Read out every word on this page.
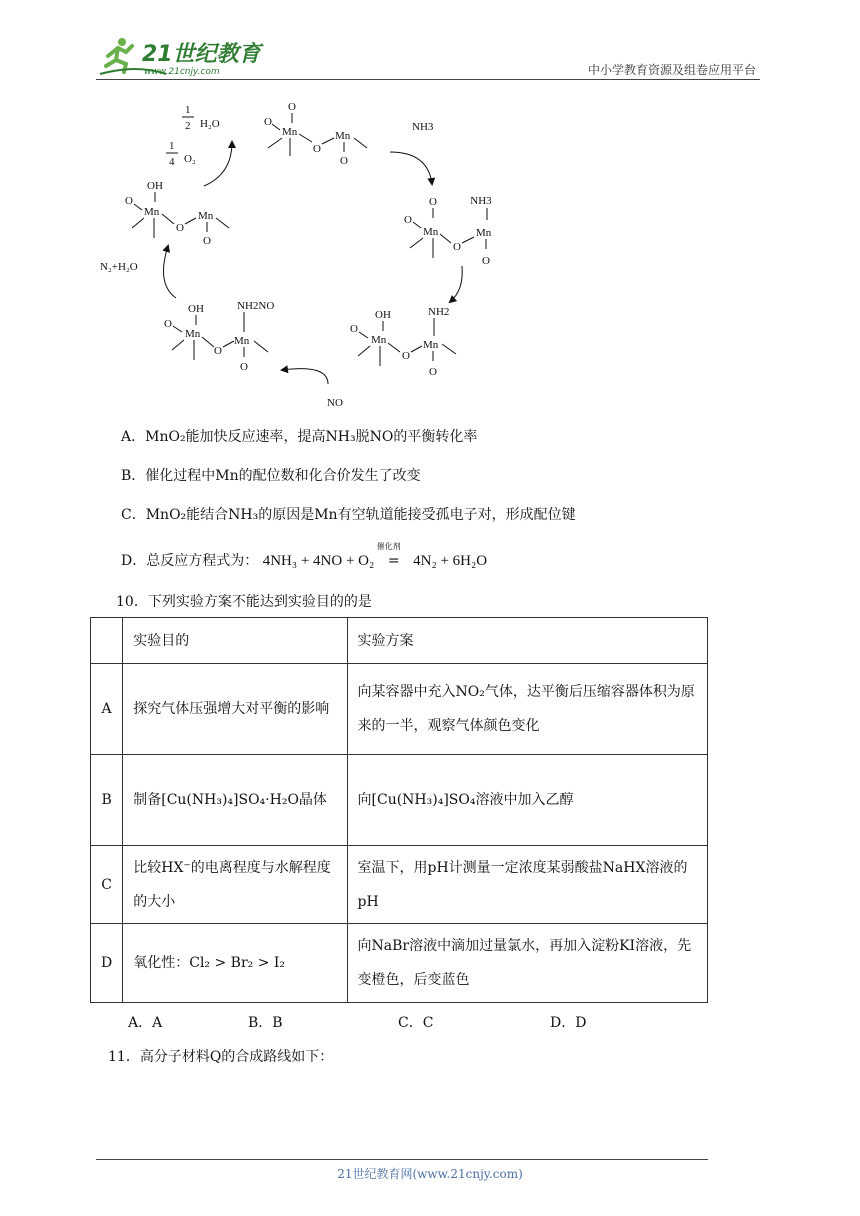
21世纪教育
www.21cnjy.com	中小学教育资源及组卷应用平台
O
Mn
O
O
Mn
O
1
2 H₂O
1
4 O₂
OH
Mn
O
O
Mn
O
N₂+H₂O
OH
Mn
O
O
NH2NO
Mn
O
NO
OH
Mn
O
O
NH2
Mn
O
NH3
Mn
O
Mn
O
O
O
NH3
A．MnO₂能加快反应速率，提高NH₃脱NO的平衡转化率
B．催化过程中Mn的配位数和化合价发生了改变
C．MnO₂能结合NH₃的原因是Mn有空轨道能接受孤电子对，形成配位键
D．总反应方程式为： 4NH₃ + 4NO + O₂
催化剂
= 4N₂ + 6H₂O
10．下列实验方案不能达到实验目的的是
	实验目的	实验方案
A	探究气体压强增大对平衡的影响	向某容器中充入NO₂气体，达平衡后压缩容器体积为原来的一半，观察气体颜色变化
B	制备[Cu(NH₃)₄]SO₄·H₂O晶体	向[Cu(NH₃)₄]SO₄溶液中加入乙醇
C	比较HX⁻的电离程度与水解程度的大小	室温下，用pH计测量一定浓度某弱酸盐NaHX溶液的pH
D	氧化性：Cl₂ > Br₂ > I₂	向NaBr溶液中滴加过量氯水，再加入淀粉KI溶液，先变橙色，后变蓝色
A．A	B．B	C．C	D．D
11．高分子材料Q的合成路线如下：
21世纪教育网(www.21cnjy.com)
